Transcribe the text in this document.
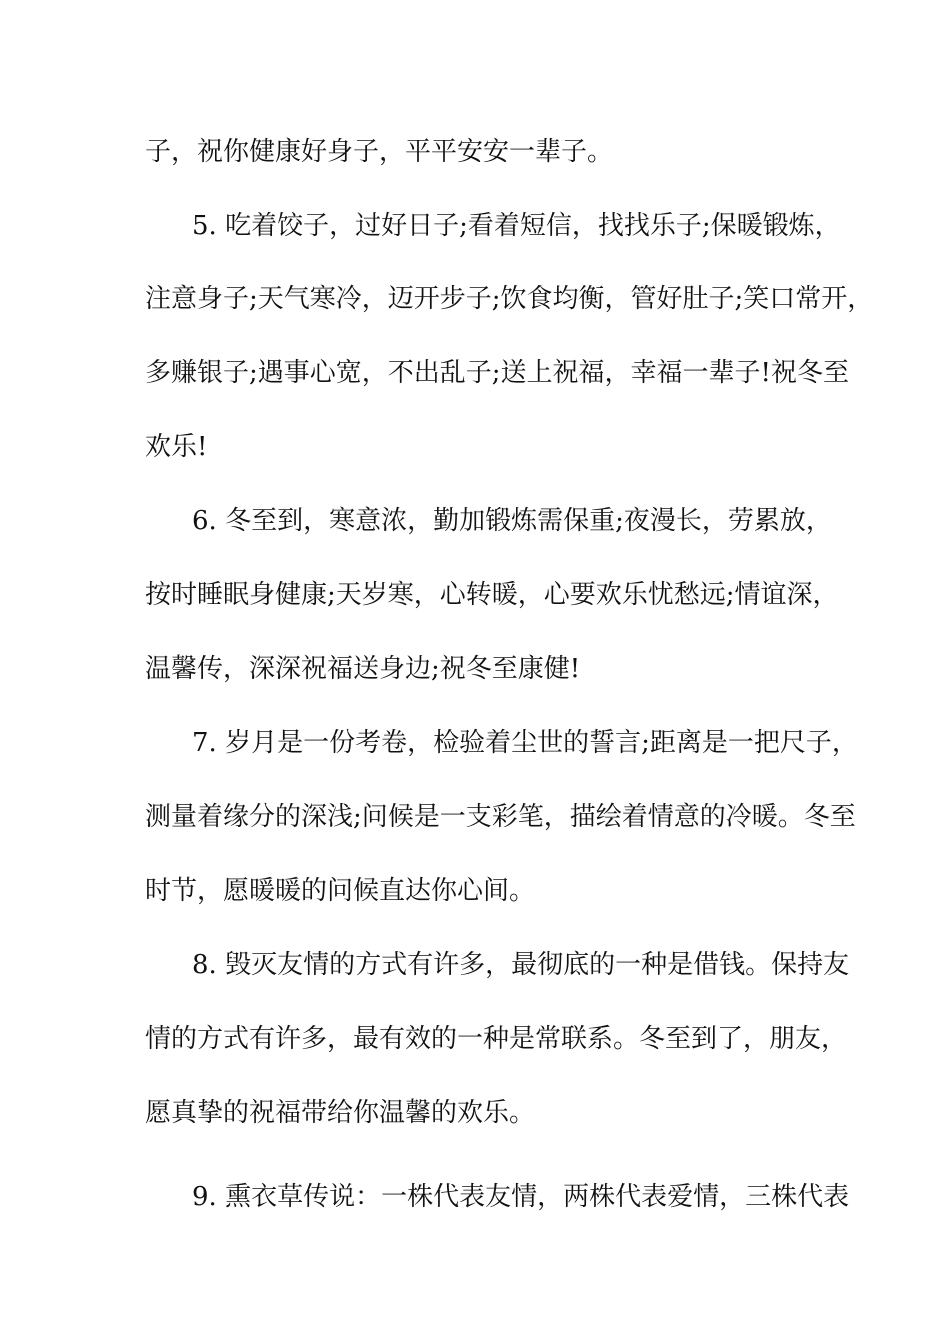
子，祝你健康好身子，平平安安一辈子。
5. 吃着饺子，过好日子;看着短信，找找乐子;保暖锻炼，
注意身子;天气寒冷，迈开步子;饮食均衡，管好肚子;笑口常开，
多赚银子;遇事心宽，不出乱子;送上祝福，幸福一辈子!祝冬至
欢乐!
6. 冬至到，寒意浓，勤加锻炼需保重;夜漫长，劳累放，
按时睡眠身健康;天岁寒，心转暖，心要欢乐忧愁远;情谊深，
温馨传，深深祝福送身边;祝冬至康健!
7. 岁月是一份考卷，检验着尘世的誓言;距离是一把尺子，
测量着缘分的深浅;问候是一支彩笔，描绘着情意的冷暖。冬至
时节，愿暖暖的问候直达你心间。
8. 毁灭友情的方式有许多，最彻底的一种是借钱。保持友
情的方式有许多，最有效的一种是常联系。冬至到了，朋友，
愿真挚的祝福带给你温馨的欢乐。
9. 熏衣草传说：一株代表友情，两株代表爱情，三株代表
